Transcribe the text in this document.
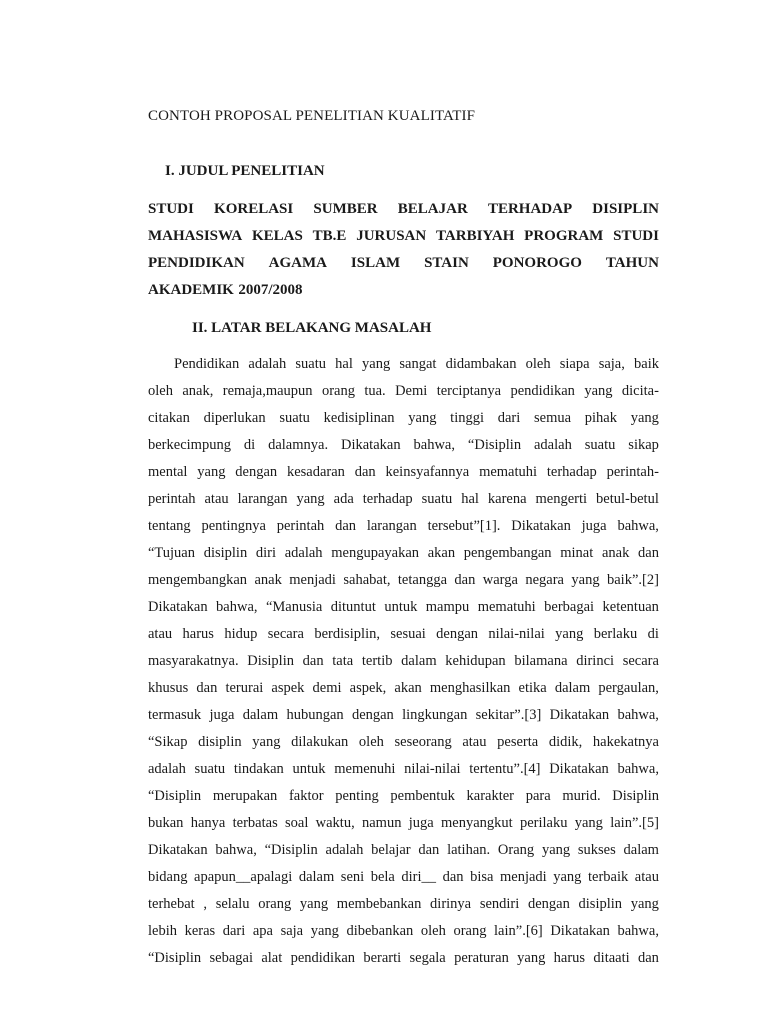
CONTOH PROPOSAL PENELITIAN KUALITATIF
I. JUDUL PENELITIAN
STUDI KORELASI SUMBER BELAJAR TERHADAP DISIPLIN
MAHASISWA KELAS TB.E JURUSAN TARBIYAH PROGRAM STUDI
PENDIDIKAN AGAMA ISLAM STAIN PONOROGO TAHUN
AKADEMIK 2007/2008
II. LATAR BELAKANG MASALAH
Pendidikan adalah suatu hal yang sangat didambakan oleh siapa saja, baik
oleh anak, remaja,maupun orang tua. Demi terciptanya pendidikan yang dicita-
citakan diperlukan suatu kedisiplinan yang tinggi dari semua pihak yang
berkecimpung di dalamnya. Dikatakan bahwa, “Disiplin adalah suatu sikap
mental yang dengan kesadaran dan keinsyafannya mematuhi terhadap perintah-
perintah atau larangan yang ada terhadap suatu hal karena mengerti betul-betul
tentang pentingnya perintah dan larangan tersebut”[1]. Dikatakan juga bahwa,
“Tujuan disiplin diri adalah mengupayakan akan pengembangan minat anak dan
mengembangkan anak menjadi sahabat, tetangga dan warga negara yang baik”.[2]
Dikatakan bahwa, “Manusia dituntut untuk mampu mematuhi berbagai ketentuan
atau harus hidup secara berdisiplin, sesuai dengan nilai-nilai yang berlaku di
masyarakatnya. Disiplin dan tata tertib dalam kehidupan bilamana dirinci secara
khusus dan terurai aspek demi aspek, akan menghasilkan etika dalam pergaulan,
termasuk juga dalam hubungan dengan lingkungan sekitar”.[3] Dikatakan bahwa,
“Sikap disiplin yang dilakukan oleh seseorang atau peserta didik, hakekatnya
adalah suatu tindakan untuk memenuhi nilai-nilai tertentu”.[4] Dikatakan bahwa,
“Disiplin merupakan faktor penting pembentuk karakter para murid. Disiplin
bukan hanya terbatas soal waktu, namun juga menyangkut perilaku yang lain”.[5]
Dikatakan bahwa, “Disiplin adalah belajar dan latihan. Orang yang sukses dalam
bidang apapun__apalagi dalam seni bela diri__ dan bisa menjadi yang terbaik atau
terhebat , selalu orang yang membebankan dirinya sendiri dengan disiplin yang
lebih keras dari apa saja yang dibebankan oleh orang lain”.[6] Dikatakan bahwa,
“Disiplin sebagai alat pendidikan berarti segala peraturan yang harus ditaati dan
